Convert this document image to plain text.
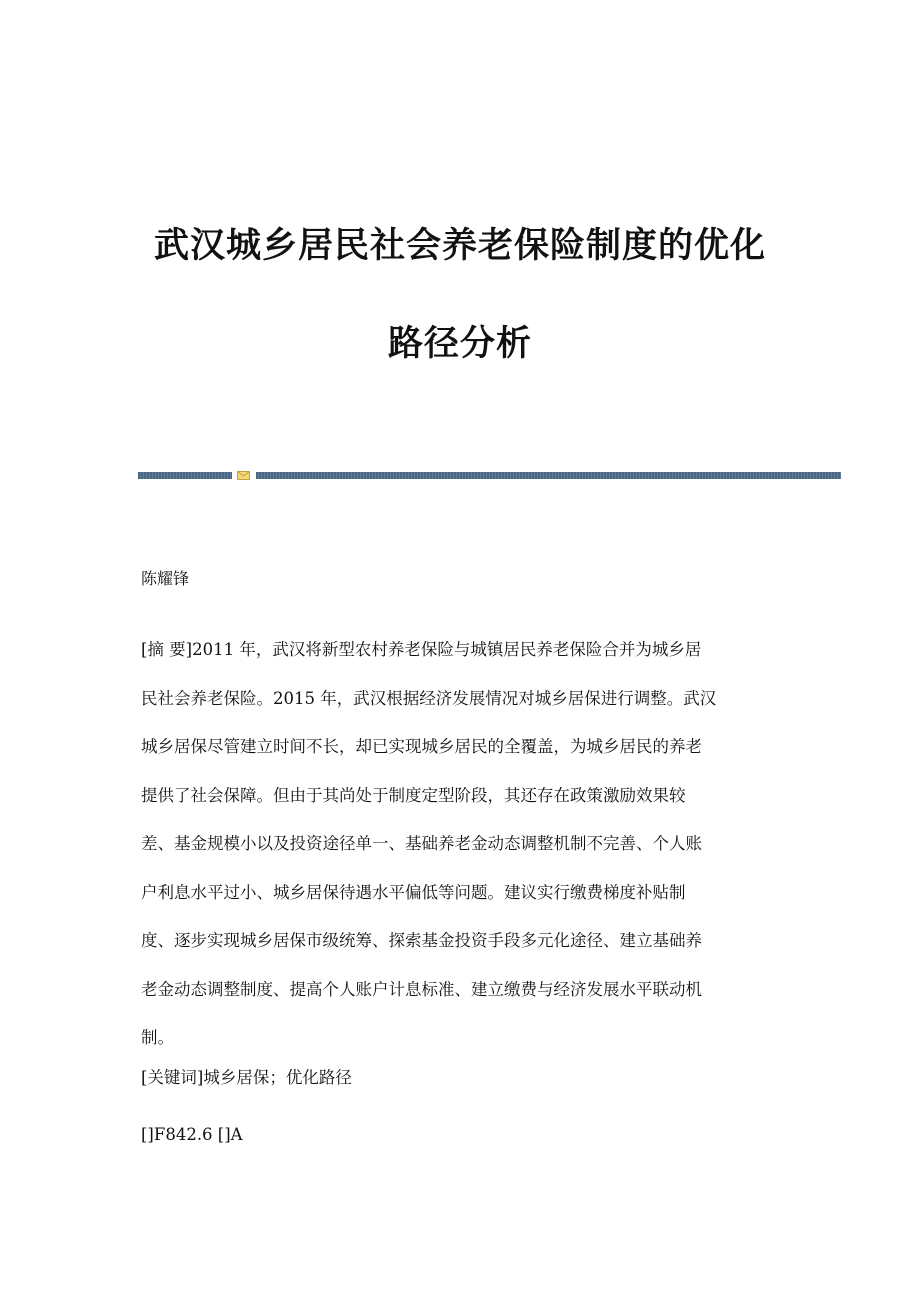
武汉城乡居民社会养老保险制度的优化
路径分析
陈耀锋
[摘 要]2011 年，武汉将新型农村养老保险与城镇居民养老保险合并为城乡居
民社会养老保险。2015 年，武汉根据经济发展情况对城乡居保进行调整。武汉
城乡居保尽管建立时间不长，却已实现城乡居民的全覆盖，为城乡居民的养老
提供了社会保障。但由于其尚处于制度定型阶段，其还存在政策激励效果较
差、基金规模小以及投资途径单一、基础养老金动态调整机制不完善、个人账
户利息水平过小、城乡居保待遇水平偏低等问题。建议实行缴费梯度补贴制
度、逐步实现城乡居保市级统筹、探索基金投资手段多元化途径、建立基础养
老金动态调整制度、提高个人账户计息标准、建立缴费与经济发展水平联动机
制。
[关键词]城乡居保；优化路径
[]F842.6 []A
